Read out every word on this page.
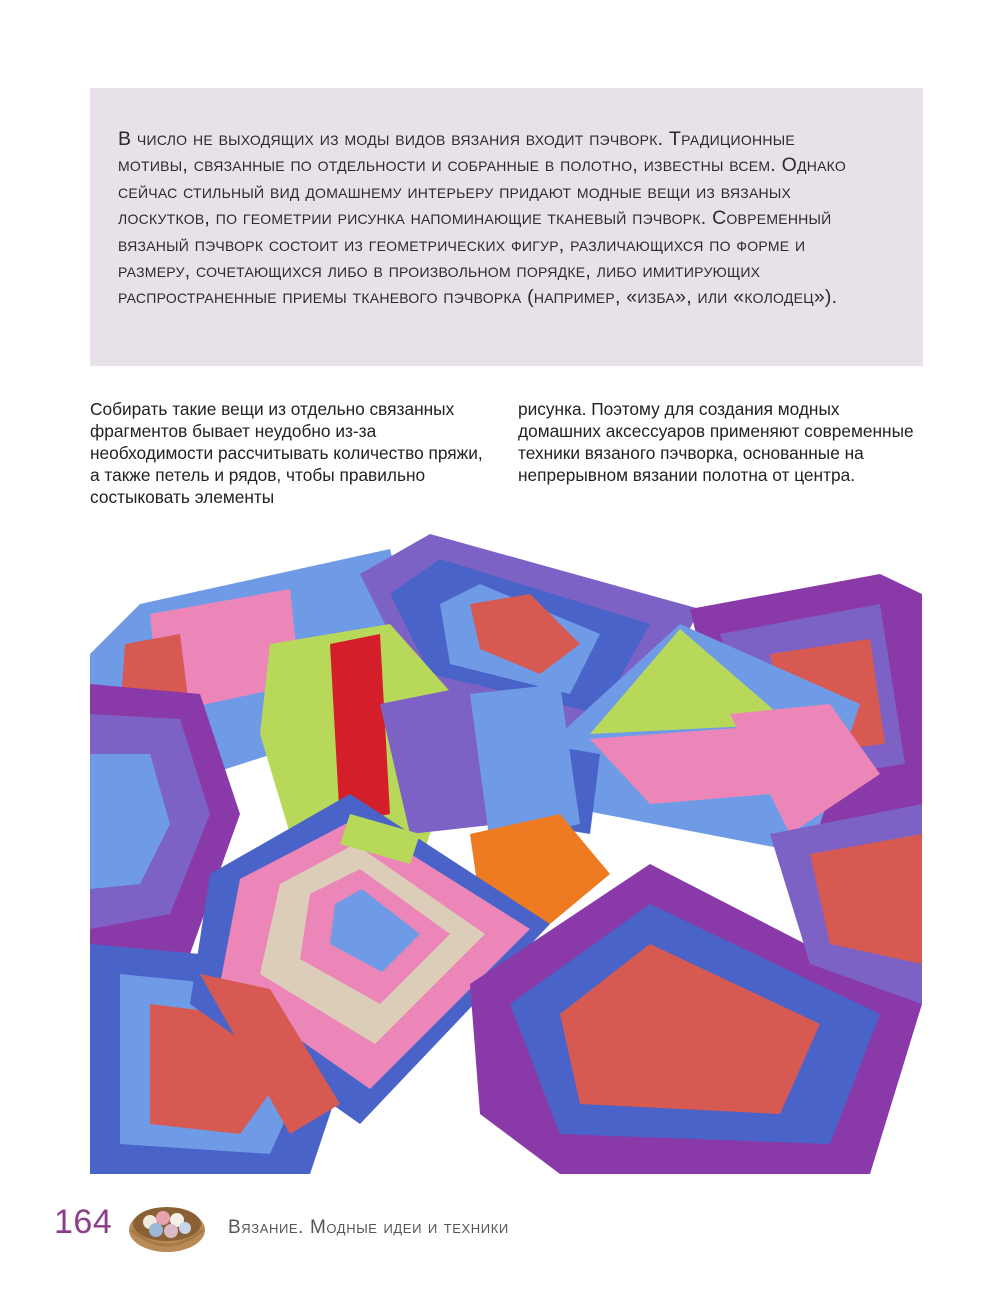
В число не выходящих из моды видов вязания входит пэчворк. Традиционные мотивы, связанные по отдельности и собранные в полотно, известны всем. Однако сейчас стильный вид домашнему интерьеру придают модные вещи из вязаных лоскутков, по геометрии рисунка напоминающие тканевый пэчворк. Современный вязаный пэчворк состоит из геометрических фигур, различающихся по форме и размеру, сочетающихся либо в произвольном порядке, либо имитирующих распространенные приемы тканевого пэчворка (например, «изба», или «колодец»).

Собирать такие вещи из отдельно связанных фрагментов бывает неудобно из-за необходимости рассчитывать количество пряжи, а также петель и рядов, чтобы правильно состыковать элементы

рисунка. Поэтому для создания модных домашних аксессуаров применяют современные техники вязаного пэчворка, основанные на непрерывном вязании полотна от центра.

164	Вязание. Модные идеи и техники
